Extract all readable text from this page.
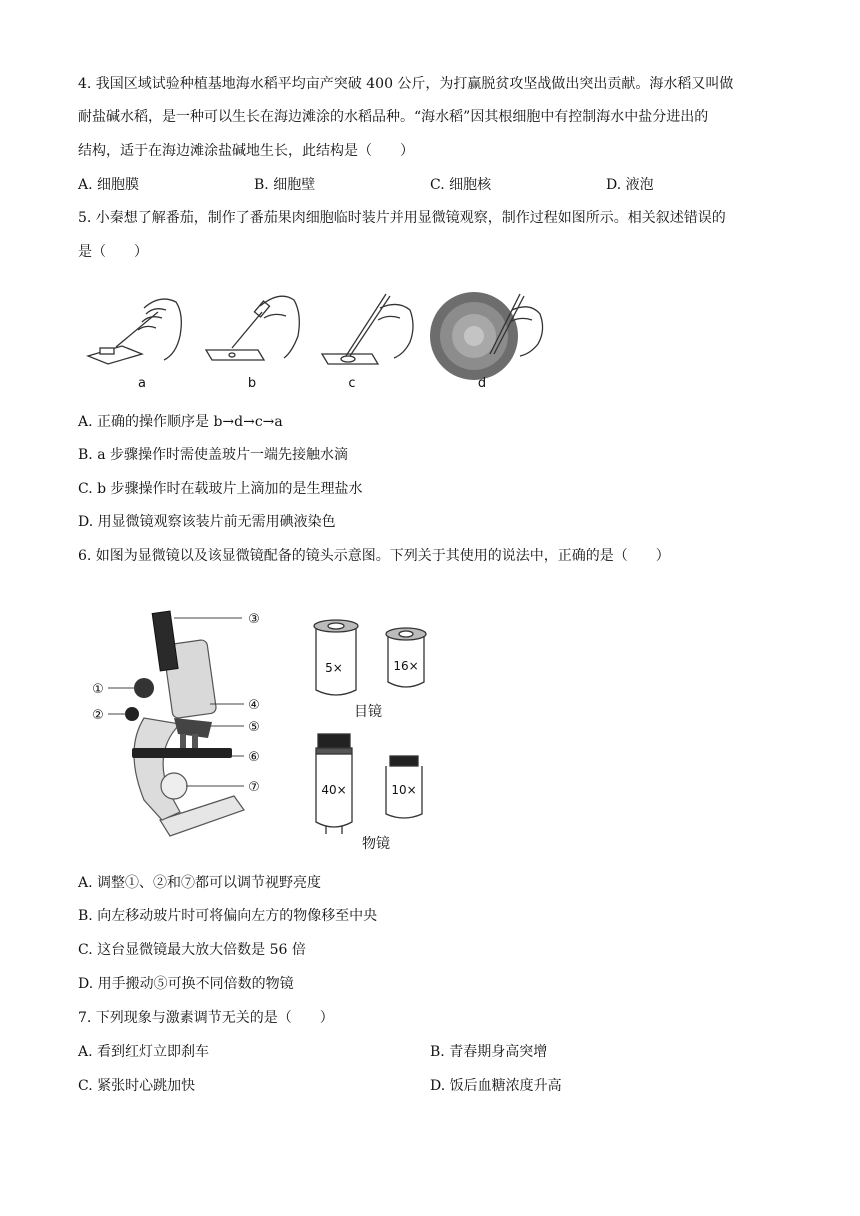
4. 我国区域试验种植基地海水稻平均亩产突破 400 公斤，为打赢脱贫攻坚战做出突出贡献。海水稻又叫做
耐盐碱水稻，是一种可以生长在海边滩涂的水稻品种。“海水稻”因其根细胞中有控制海水中盐分进出的
结构，适于在海边滩涂盐碱地生长，此结构是（　　）
A. 细胞膜	B. 细胞壁	C. 细胞核	D. 液泡
5. 小秦想了解番茄，制作了番茄果肉细胞临时装片并用显微镜观察，制作过程如图所示。相关叙述错误的
是（　　）
a	b	c	d
A. 正确的操作顺序是 b→d→c→a
B. a 步骤操作时需使盖玻片一端先接触水滴
C. b 步骤操作时在载玻片上滴加的是生理盐水
D. 用显微镜观察该装片前无需用碘液染色
6. 如图为显微镜以及该显微镜配备的镜头示意图。下列关于其使用的说法中，正确的是（　　）
③
①
②
④
⑤
⑥
⑦
5×	16×
目镜
40×	10×
物镜
A. 调整①、②和⑦都可以调节视野亮度
B. 向左移动玻片时可将偏向左方的物像移至中央
C. 这台显微镜最大放大倍数是 56 倍
D. 用手搬动⑤可换不同倍数的物镜
7. 下列现象与激素调节无关的是（　　）
A. 看到红灯立即刹车	B. 青春期身高突增
C. 紧张时心跳加快	D. 饭后血糖浓度升高
